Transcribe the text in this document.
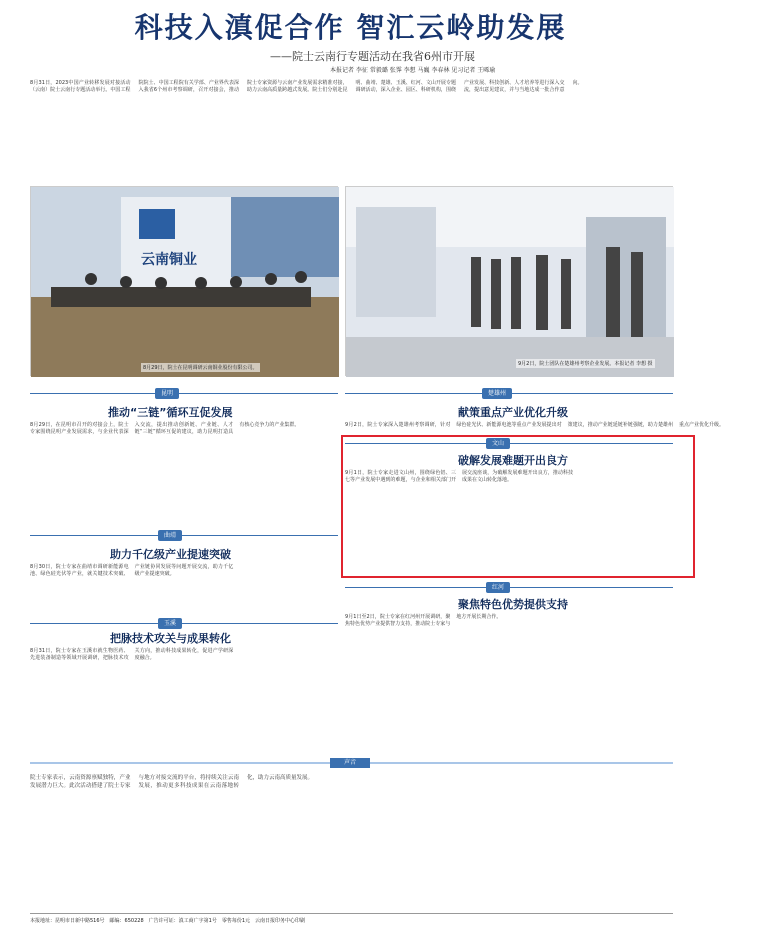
科技入滇促合作 智汇云岭助发展
——院士云南行专题活动在我省6州市开展
本报记者 李征 常毅璐 张霁 李想 马巍 李春林 见习记者 王晞瑜
8月31日，2023中国产业转移发展对接活动（云南）院士云南行专题活动举行。中国工程院院士、中国工程院有关学部、产业界代表深入我省6个州市考察调研，召开对接会，推动院士专家资源与云南产业发展需求精准对接，助力云南高质量跨越式发展。院士们分别赴昆明、曲靖、楚雄、玉溪、红河、文山开展专题调研活动，深入企业、园区、科研机构，围绕产业发展、科技创新、人才培养等进行深入交流，提出意见建议，并与当地达成一批合作意向。
云南铜业
8月29日，院士在昆明调研云南铜业股份有限公司。
9月2日，院士团队在楚雄州考察企业发展。本报记者 李想 摄
昆明
推动“三链”循环互促发展
8月29日，在昆明市召开的对接会上，院士专家围绕昆明产业发展需求，与企业代表深入交流，提出推动创新链、产业链、人才链“三链”循环互促的建议，助力昆明打造具有核心竞争力的产业集群。
楚雄州
献策重点产业优化升级
9月2日，院士专家深入楚雄州考察调研，针对绿色硅光伏、新能源电池等重点产业发展提出对策建议，推动产业链延链补链强链，助力楚雄州重点产业优化升级。
曲靖
助力千亿级产业提速突破
8月30日，院士专家在曲靖市调研新能源电池、绿色硅光伏等产业，就关键技术突破、产业链协同发展等问题开展交流，助力千亿级产业提速突破。
文山
破解发展难题开出良方
9月1日，院士专家走进文山州，围绕绿色铝、三七等产业发展中遇到的难题，与企业和相关部门开展交流座谈，为破解发展难题开出良方，推动科技成果在文山转化落地。
玉溪
把脉技术攻关与成果转化
8月31日，院士专家在玉溪市就生物医药、先进装备制造等领域开展调研，把脉技术攻关方向，推动科技成果转化，促进产学研深度融合。
红河
聚焦特色优势提供支持
9月1日至2日，院士专家在红河州开展调研，聚焦特色优势产业提供智力支持，推动院士专家与地方开展长期合作。
声音
院士专家表示，云南资源禀赋独特，产业发展潜力巨大。此次活动搭建了院士专家与地方对接交流的平台，将持续关注云南发展，推动更多科技成果在云南落地转化，助力云南高质量发展。
本报地址：昆明市日新中路516号　邮编：650228　广告许可证：滇工商广字第1号　零售每份1元　云南日报印务中心印刷
